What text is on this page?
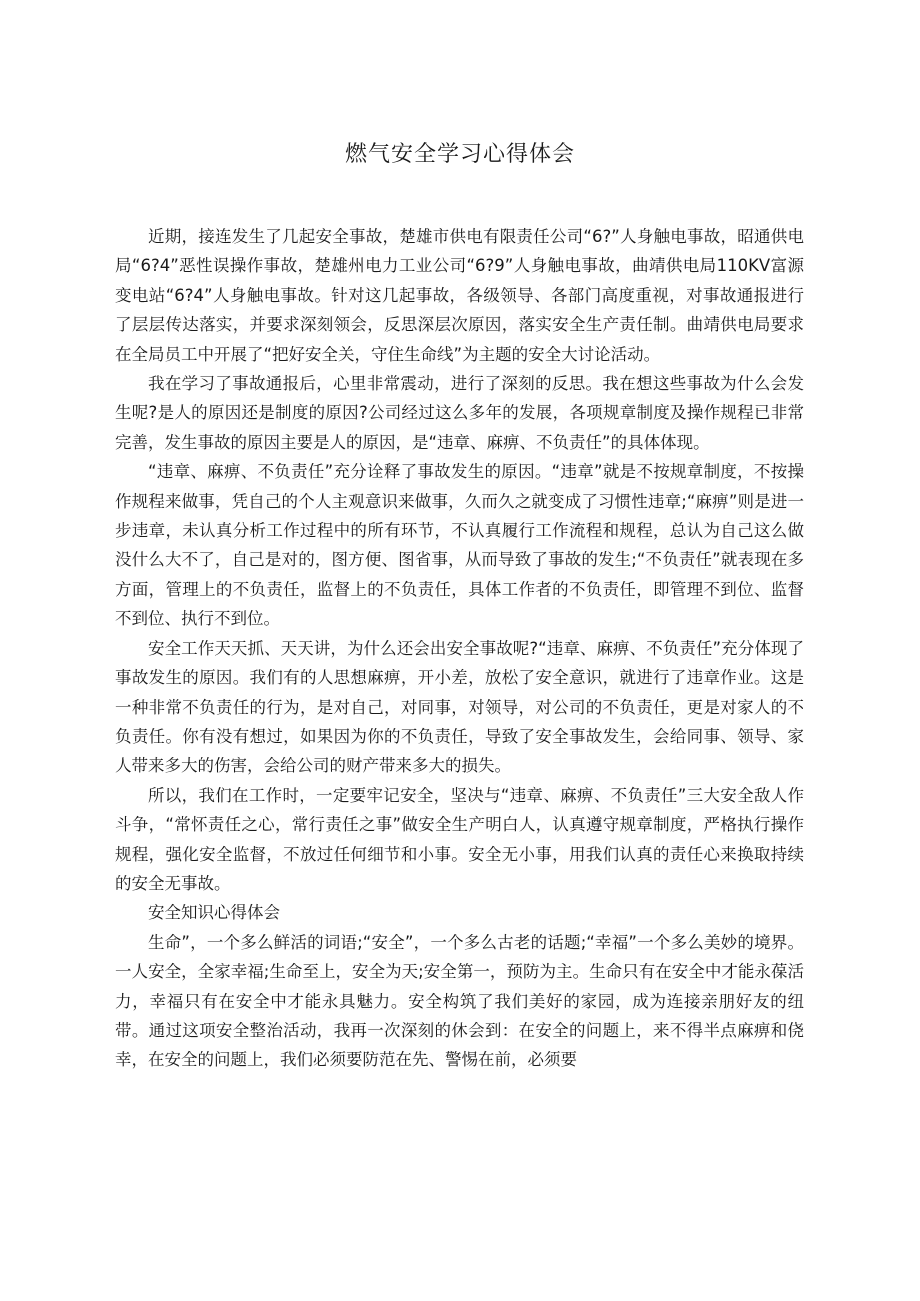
燃气安全学习心得体会

近期，接连发生了几起安全事故，楚雄市供电有限责任公司“6?”人身触电事故，昭通供电局“6?4”恶性误操作事故，楚雄州电力工业公司“6?9”人身触电事故，曲靖供电局110KV富源变电站“6?4”人身触电事故。针对这几起事故，各级领导、各部门高度重视，对事故通报进行了层层传达落实，并要求深刻领会，反思深层次原因，落实安全生产责任制。曲靖供电局要求在全局员工中开展了“把好安全关，守住生命线”为主题的安全大讨论活动。

我在学习了事故通报后，心里非常震动，进行了深刻的反思。我在想这些事故为什么会发生呢?是人的原因还是制度的原因?公司经过这么多年的发展，各项规章制度及操作规程已非常完善，发生事故的原因主要是人的原因，是“违章、麻痹、不负责任”的具体体现。

“违章、麻痹、不负责任”充分诠释了事故发生的原因。“违章”就是不按规章制度，不按操作规程来做事，凭自己的个人主观意识来做事，久而久之就变成了习惯性违章;“麻痹”则是进一步违章，未认真分析工作过程中的所有环节，不认真履行工作流程和规程，总认为自己这么做没什么大不了，自己是对的，图方便、图省事，从而导致了事故的发生;“不负责任”就表现在多方面，管理上的不负责任，监督上的不负责任，具体工作者的不负责任，即管理不到位、监督不到位、执行不到位。

安全工作天天抓、天天讲，为什么还会出安全事故呢?“违章、麻痹、不负责任”充分体现了事故发生的原因。我们有的人思想麻痹，开小差，放松了安全意识，就进行了违章作业。这是一种非常不负责任的行为，是对自己，对同事，对领导，对公司的不负责任，更是对家人的不负责任。你有没有想过，如果因为你的不负责任，导致了安全事故发生，会给同事、领导、家人带来多大的伤害，会给公司的财产带来多大的损失。

所以，我们在工作时，一定要牢记安全，坚决与“违章、麻痹、不负责任”三大安全敌人作斗争，“常怀责任之心，常行责任之事”做安全生产明白人，认真遵守规章制度，严格执行操作规程，强化安全监督，不放过任何细节和小事。安全无小事，用我们认真的责任心来换取持续的安全无事故。

安全知识心得体会

生命”，一个多么鲜活的词语;“安全”，一个多么古老的话题;“幸福”一个多么美妙的境界。一人安全，全家幸福;生命至上，安全为天;安全第一，预防为主。生命只有在安全中才能永葆活力，幸福只有在安全中才能永具魅力。安全构筑了我们美好的家园，成为连接亲朋好友的纽带。通过这项安全整治活动，我再一次深刻的休会到：在安全的问题上，来不得半点麻痹和侥幸，在安全的问题上，我们必须要防范在先、警惕在前，必须要
